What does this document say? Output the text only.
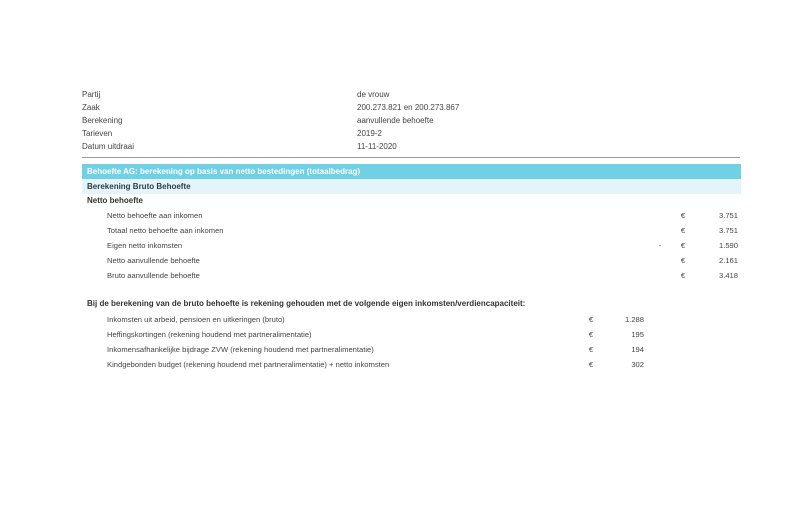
Partij	de vrouw
Zaak	200.273.821 en 200.273.867
Berekening	aanvullende behoefte
Tarieven	2019-2
Datum uitdraai	11-11-2020
Behoefte AG: berekening op basis van netto bestedingen (totaalbedrag)
Berekening Bruto Behoefte
Netto behoefte
Netto behoefte aan inkomen	€	3.751
Totaal netto behoefte aan inkomen	€	3.751
Eigen netto inkomsten	-	€	1.590
Netto aanvullende behoefte	€	2.161
Bruto aanvullende behoefte	€	3.418
Bij de berekening van de bruto behoefte is rekening gehouden met de volgende eigen inkomsten/verdiencapaciteit:
Inkomsten uit arbeid, pensioen en uitkeringen (bruto)	€	1.288
Heffingskortingen (rekening houdend met partneralimentatie)	€	195
Inkomensafhankelijke bijdrage ZVW (rekening houdend met partneralimentatie)	€	194
Kindgebonden budget (rekening houdend met partneralimentatie) + netto inkomsten	€	302
